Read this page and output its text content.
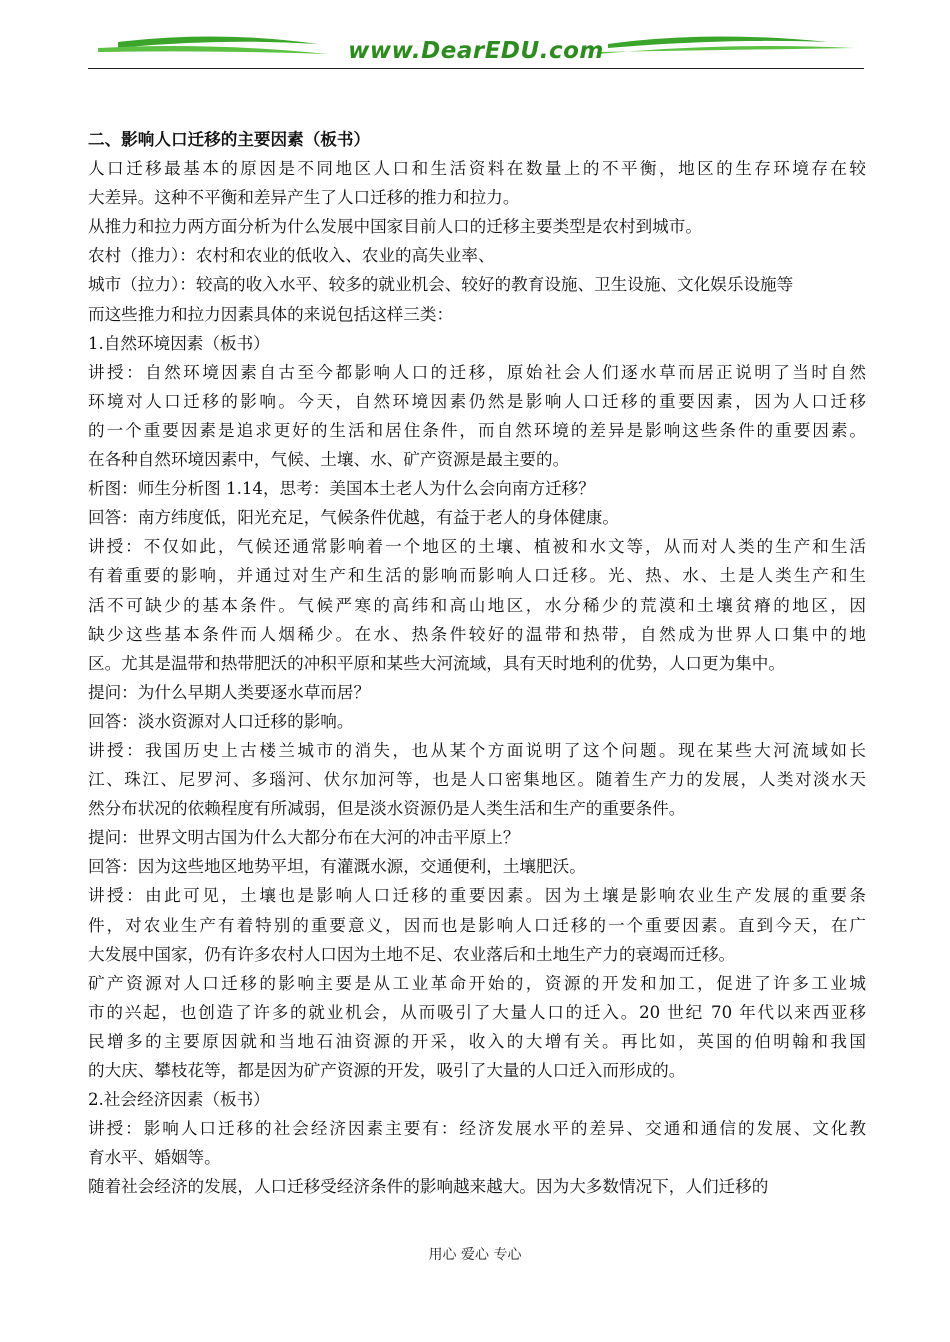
www.DearEDU.com
二、影响人口迁移的主要因素（板书）
人口迁移最基本的原因是不同地区人口和生活资料在数量上的不平衡，地区的生存环境存在较
大差异。这种不平衡和差异产生了人口迁移的推力和拉力。
从推力和拉力两方面分析为什么发展中国家目前人口的迁移主要类型是农村到城市。
农村（推力）：农村和农业的低收入、农业的高失业率、
城市（拉力）：较高的收入水平、较多的就业机会、较好的教育设施、卫生设施、文化娱乐设施等
而这些推力和拉力因素具体的来说包括这样三类：
1.自然环境因素（板书）
讲授：自然环境因素自古至今都影响人口的迁移，原始社会人们逐水草而居正说明了当时自然
环境对人口迁移的影响。今天，自然环境因素仍然是影响人口迁移的重要因素，因为人口迁移
的一个重要因素是追求更好的生活和居住条件，而自然环境的差异是影响这些条件的重要因素。
在各种自然环境因素中，气候、土壤、水、矿产资源是最主要的。
析图：师生分析图 1.14，思考：美国本土老人为什么会向南方迁移？
回答：南方纬度低，阳光充足，气候条件优越，有益于老人的身体健康。
讲授：不仅如此，气候还通常影响着一个地区的土壤、植被和水文等，从而对人类的生产和生活
有着重要的影响，并通过对生产和生活的影响而影响人口迁移。光、热、水、土是人类生产和生
活不可缺少的基本条件。气候严寒的高纬和高山地区，水分稀少的荒漠和土壤贫瘠的地区，因
缺少这些基本条件而人烟稀少。在水、热条件较好的温带和热带，自然成为世界人口集中的地
区。尤其是温带和热带肥沃的冲积平原和某些大河流域，具有天时地利的优势，人口更为集中。
提问：为什么早期人类要逐水草而居？
回答：淡水资源对人口迁移的影响。
讲授：我国历史上古楼兰城市的消失，也从某个方面说明了这个问题。现在某些大河流域如长
江、珠江、尼罗河、多瑙河、伏尔加河等，也是人口密集地区。随着生产力的发展，人类对淡水天
然分布状况的依赖程度有所减弱，但是淡水资源仍是人类生活和生产的重要条件。
提问：世界文明古国为什么大都分布在大河的冲击平原上？
回答：因为这些地区地势平坦，有灌溉水源，交通便利，土壤肥沃。
讲授：由此可见，土壤也是影响人口迁移的重要因素。因为土壤是影响农业生产发展的重要条
件，对农业生产有着特别的重要意义，因而也是影响人口迁移的一个重要因素。直到今天，在广
大发展中国家，仍有许多农村人口因为土地不足、农业落后和土地生产力的衰竭而迁移。
矿产资源对人口迁移的影响主要是从工业革命开始的，资源的开发和加工，促进了许多工业城
市的兴起，也创造了许多的就业机会，从而吸引了大量人口的迁入。20 世纪 70 年代以来西亚移
民增多的主要原因就和当地石油资源的开采，收入的大增有关。再比如，英国的伯明翰和我国
的大庆、攀枝花等，都是因为矿产资源的开发，吸引了大量的人口迁入而形成的。
2.社会经济因素（板书）
讲授：影响人口迁移的社会经济因素主要有：经济发展水平的差异、交通和通信的发展、文化教
育水平、婚姻等。
随着社会经济的发展，人口迁移受经济条件的影响越来越大。因为大多数情况下，人们迁移的
用心 爱心 专心
